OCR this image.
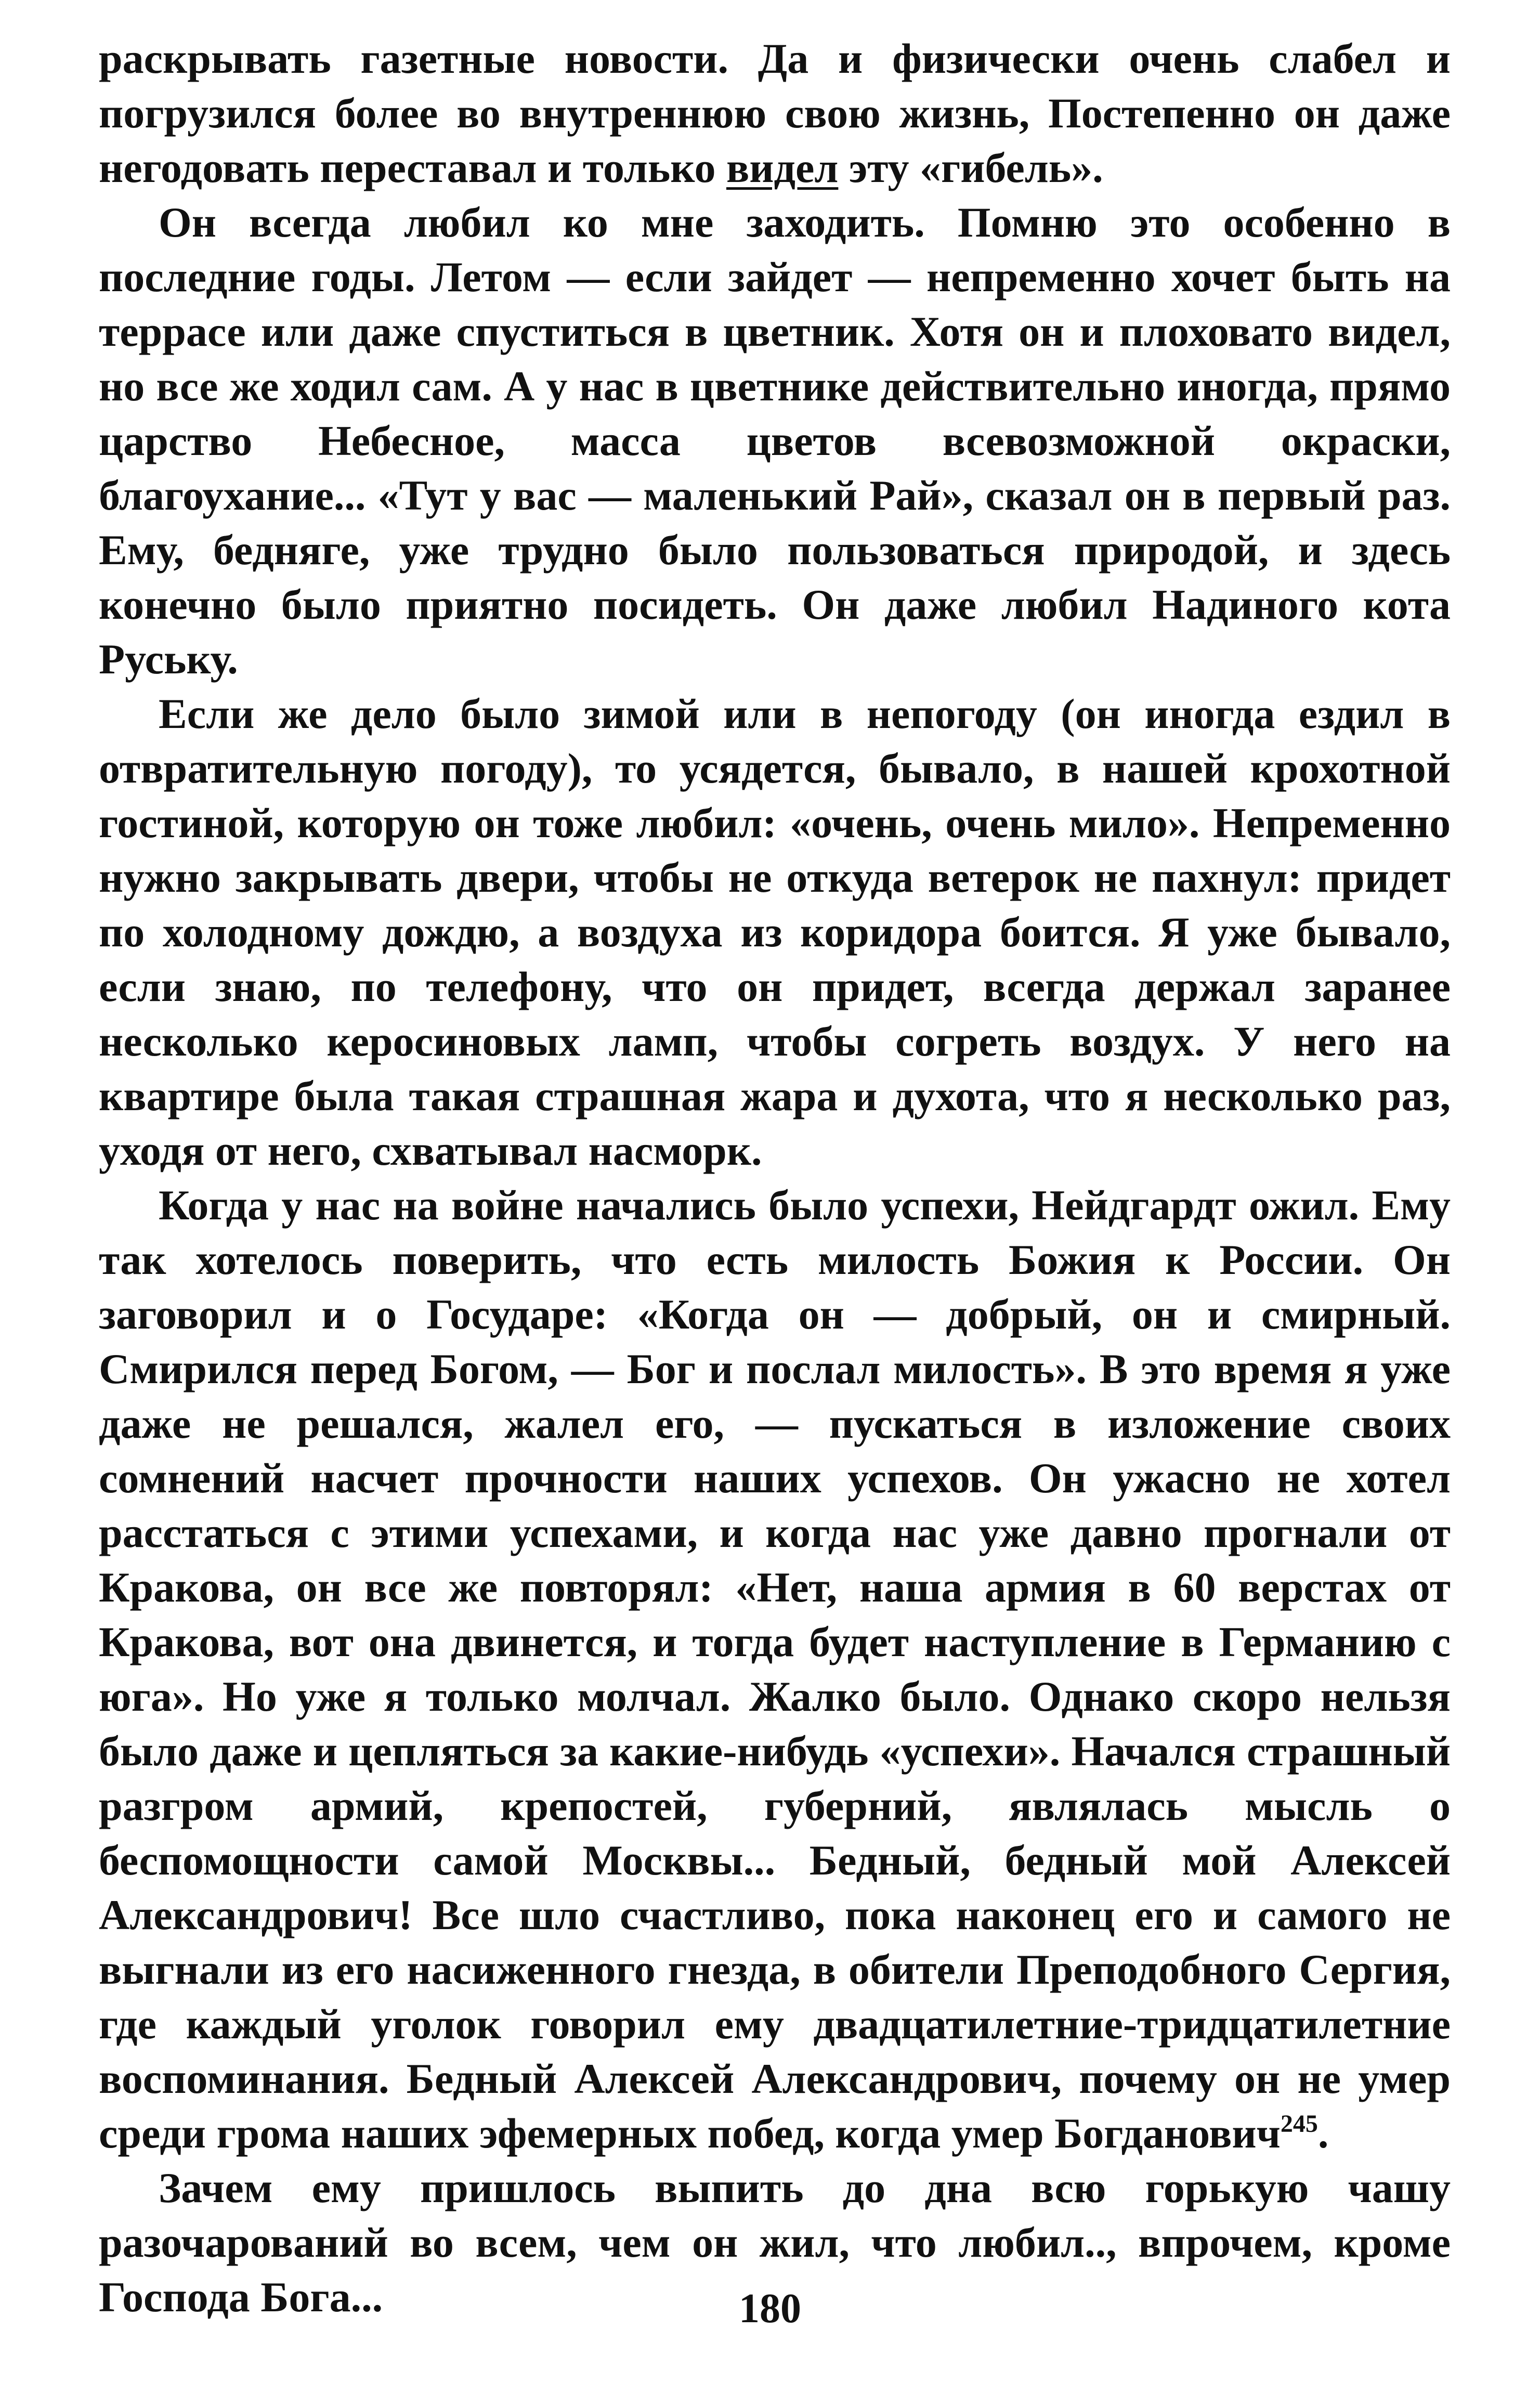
раскрывать газетные новости. Да и физически очень слабел и погрузился более во внутреннюю свою жизнь, Постепенно он даже негодовать переставал и только видел эту «гибель».

Он всегда любил ко мне заходить. Помню это особенно в последние годы. Летом — если зайдет — непременно хочет быть на террасе или даже спуститься в цветник. Хотя он и плоховато видел, но все же ходил сам. А у нас в цветнике действительно иногда, прямо царство Небесное, масса цветов всевозможной окраски, благоухание... «Тут у вас — маленький Рай», сказал он в первый раз. Ему, бедняге, уже трудно было пользоваться природой, и здесь конечно было приятно посидеть. Он даже любил Надиного кота Руську.

Если же дело было зимой или в непогоду (он иногда ездил в отвратительную погоду), то усядется, бывало, в нашей крохотной гостиной, которую он тоже любил: «очень, очень мило». Непременно нужно закрывать двери, чтобы не откуда ветерок не пахнул: придет по холодному дождю, а воздуха из коридора боится. Я уже бывало, если знаю, по телефону, что он придет, всегда держал заранее несколько керосиновых ламп, чтобы согреть воздух. У него на квартире была такая страшная жара и духота, что я несколько раз, уходя от него, схватывал насморк.

Когда у нас на войне начались было успехи, Нейдгардт ожил. Ему так хотелось поверить, что есть милость Божия к России. Он заговорил и о Государе: «Когда он — добрый, он и смирный. Смирился перед Богом, — Бог и послал милость». В это время я уже даже не решался, жалел его, — пускаться в изложение своих сомнений насчет прочности наших успехов. Он ужасно не хотел расстаться с этими успехами, и когда нас уже давно прогнали от Кракова, он все же повторял: «Нет, наша армия в 60 верстах от Кракова, вот она двинется, и тогда будет наступление в Германию с юга». Но уже я только молчал. Жалко было. Однако скоро нельзя было даже и цепляться за какие-нибудь «успехи». Начался страшный разгром армий, крепостей, губерний, являлась мысль о беспомощности самой Москвы... Бедный, бедный мой Алексей Александрович! Все шло счастливо, пока наконец его и самого не выгнали из его насиженного гнезда, в обители Преподобного Сергия, где каждый уголок говорил ему двадцатилетние-тридцатилетние воспоминания. Бедный Алексей Александрович, почему он не умер среди грома наших эфемерных побед, когда умер Богданович$^{245}$.

Зачем ему пришлось выпить до дна всю горькую чашу разочарований во всем, чем он жил, что любил.., впрочем, кроме Господа Бога...	180
